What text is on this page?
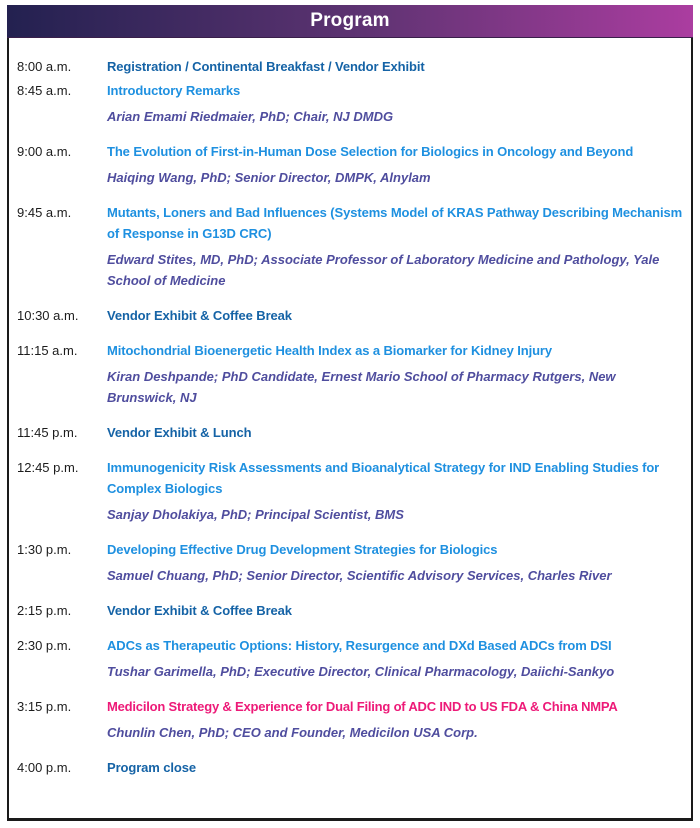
Program
8:00 a.m.	Registration / Continental Breakfast / Vendor Exhibit
8:45 a.m.	Introductory Remarks
Arian Emami Riedmaier, PhD; Chair, NJ DMDG
9:00 a.m.	The Evolution of First-in-Human Dose Selection for Biologics in Oncology and Beyond
Haiqing Wang, PhD; Senior Director, DMPK, Alnylam
9:45 a.m.	Mutants, Loners and Bad Influences (Systems Model of KRAS Pathway Describing Mechanism of Response in G13D CRC)
Edward Stites, MD, PhD; Associate Professor of Laboratory Medicine and Pathology, Yale School of Medicine
10:30 a.m.	Vendor Exhibit & Coffee Break
11:15 a.m.	Mitochondrial Bioenergetic Health Index as a Biomarker for Kidney Injury
Kiran Deshpande; PhD Candidate, Ernest Mario School of Pharmacy Rutgers, New Brunswick, NJ
11:45 p.m.	Vendor Exhibit & Lunch
12:45 p.m.	Immunogenicity Risk Assessments and Bioanalytical Strategy for IND Enabling Studies for Complex Biologics
Sanjay Dholakiya, PhD; Principal Scientist, BMS
1:30 p.m.	Developing Effective Drug Development Strategies for Biologics
Samuel Chuang, PhD; Senior Director, Scientific Advisory Services, Charles River
2:15 p.m.	Vendor Exhibit & Coffee Break
2:30 p.m.	ADCs as Therapeutic Options: History, Resurgence and DXd Based ADCs from DSI
Tushar Garimella, PhD; Executive Director, Clinical Pharmacology, Daiichi-Sankyo
3:15 p.m.	Medicilon Strategy & Experience for Dual Filing of ADC IND to US FDA & China NMPA
Chunlin Chen, PhD; CEO and Founder, Medicilon USA Corp.
4:00 p.m.	Program close
